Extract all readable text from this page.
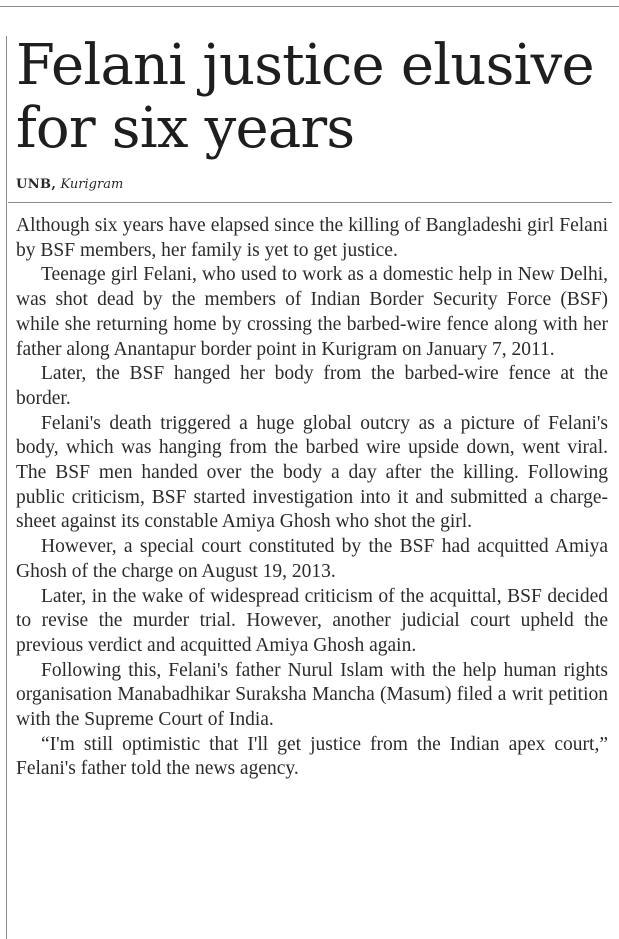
Felani justice elusive for six years
UNB, Kurigram

Although six years have elapsed since the killing of Bangladeshi girl Felani by BSF members, her family is yet to get justice.

Teenage girl Felani, who used to work as a domestic help in New Delhi, was shot dead by the members of Indian Border Security Force (BSF) while she returning home by crossing the barbed-wire fence along with her father along Anantapur border point in Kurigram on January 7, 2011.

Later, the BSF hanged her body from the barbed-wire fence at the border.

Felani's death triggered a huge global outcry as a picture of Felani's body, which was hanging from the barbed wire upside down, went viral. The BSF men handed over the body a day after the killing. Following public criticism, BSF started investigation into it and submitted a charge-sheet against its constable Amiya Ghosh who shot the girl.

However, a special court constituted by the BSF had acquitted Amiya Ghosh of the charge on August 19, 2013.

Later, in the wake of widespread criticism of the acquittal, BSF decided to revise the murder trial. However, another judicial court upheld the previous verdict and acquitted Amiya Ghosh again.

Following this, Felani's father Nurul Islam with the help human rights organisation Manabadhikar Suraksha Mancha (Masum) filed a writ petition with the Supreme Court of India.

“I'm still optimistic that I'll get justice from the Indian apex court,” Felani's father told the news agency.
